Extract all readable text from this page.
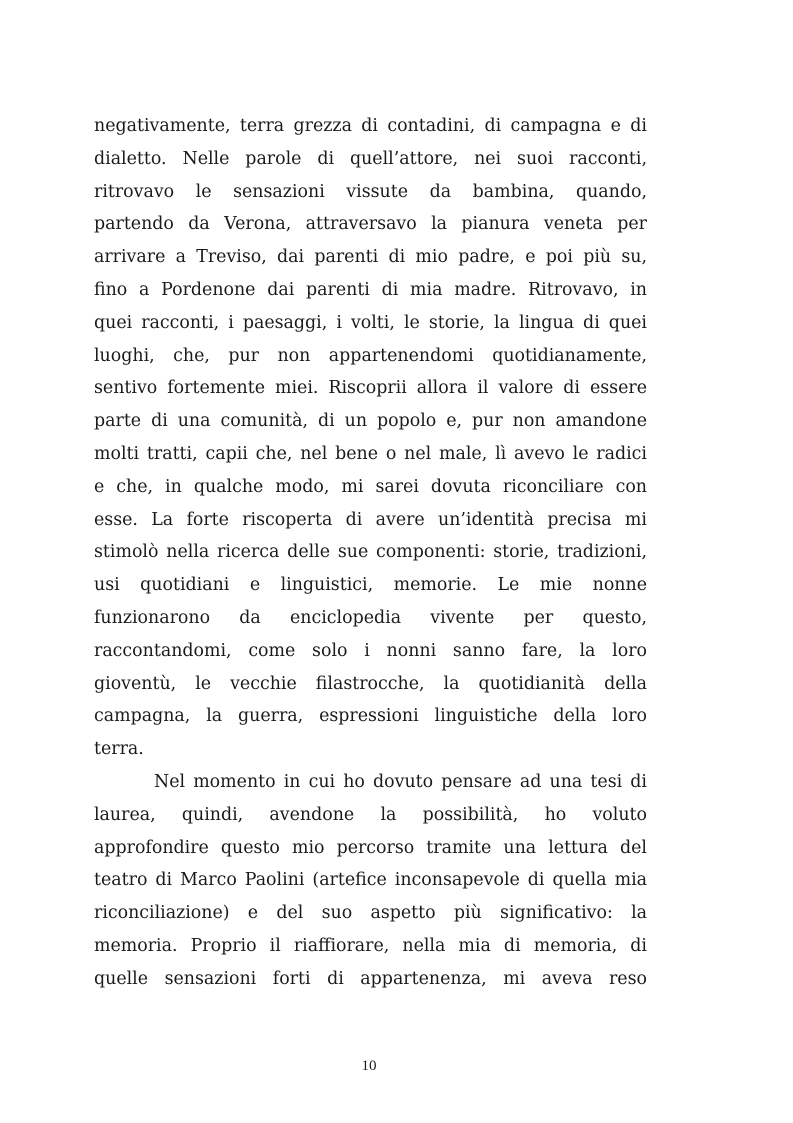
negativamente, terra grezza di contadini, di campagna e di
dialetto. Nelle parole di quell’attore, nei suoi racconti,
ritrovavo le sensazioni vissute da bambina, quando,
partendo da Verona, attraversavo la pianura veneta per
arrivare a Treviso, dai parenti di mio padre, e poi più su,
fino a Pordenone dai parenti di mia madre. Ritrovavo, in
quei racconti, i paesaggi, i volti, le storie, la lingua di quei
luoghi, che, pur non appartenendomi quotidianamente,
sentivo fortemente miei. Riscoprii allora il valore di essere
parte di una comunità, di un popolo e, pur non amandone
molti tratti, capii che, nel bene o nel male, lì avevo le radici
e che, in qualche modo, mi sarei dovuta riconciliare con
esse. La forte riscoperta di avere un’identità precisa mi
stimolò nella ricerca delle sue componenti: storie, tradizioni,
usi quotidiani e linguistici, memorie. Le mie nonne
funzionarono da enciclopedia vivente per questo,
raccontandomi, come solo i nonni sanno fare, la loro
gioventù, le vecchie filastrocche, la quotidianità della
campagna, la guerra, espressioni linguistiche della loro
terra.
Nel momento in cui ho dovuto pensare ad una tesi di
laurea, quindi, avendone la possibilità, ho voluto
approfondire questo mio percorso tramite una lettura del
teatro di Marco Paolini (artefice inconsapevole di quella mia
riconciliazione) e del suo aspetto più significativo: la
memoria. Proprio il riaffiorare, nella mia di memoria, di
quelle sensazioni forti di appartenenza, mi aveva reso
10
